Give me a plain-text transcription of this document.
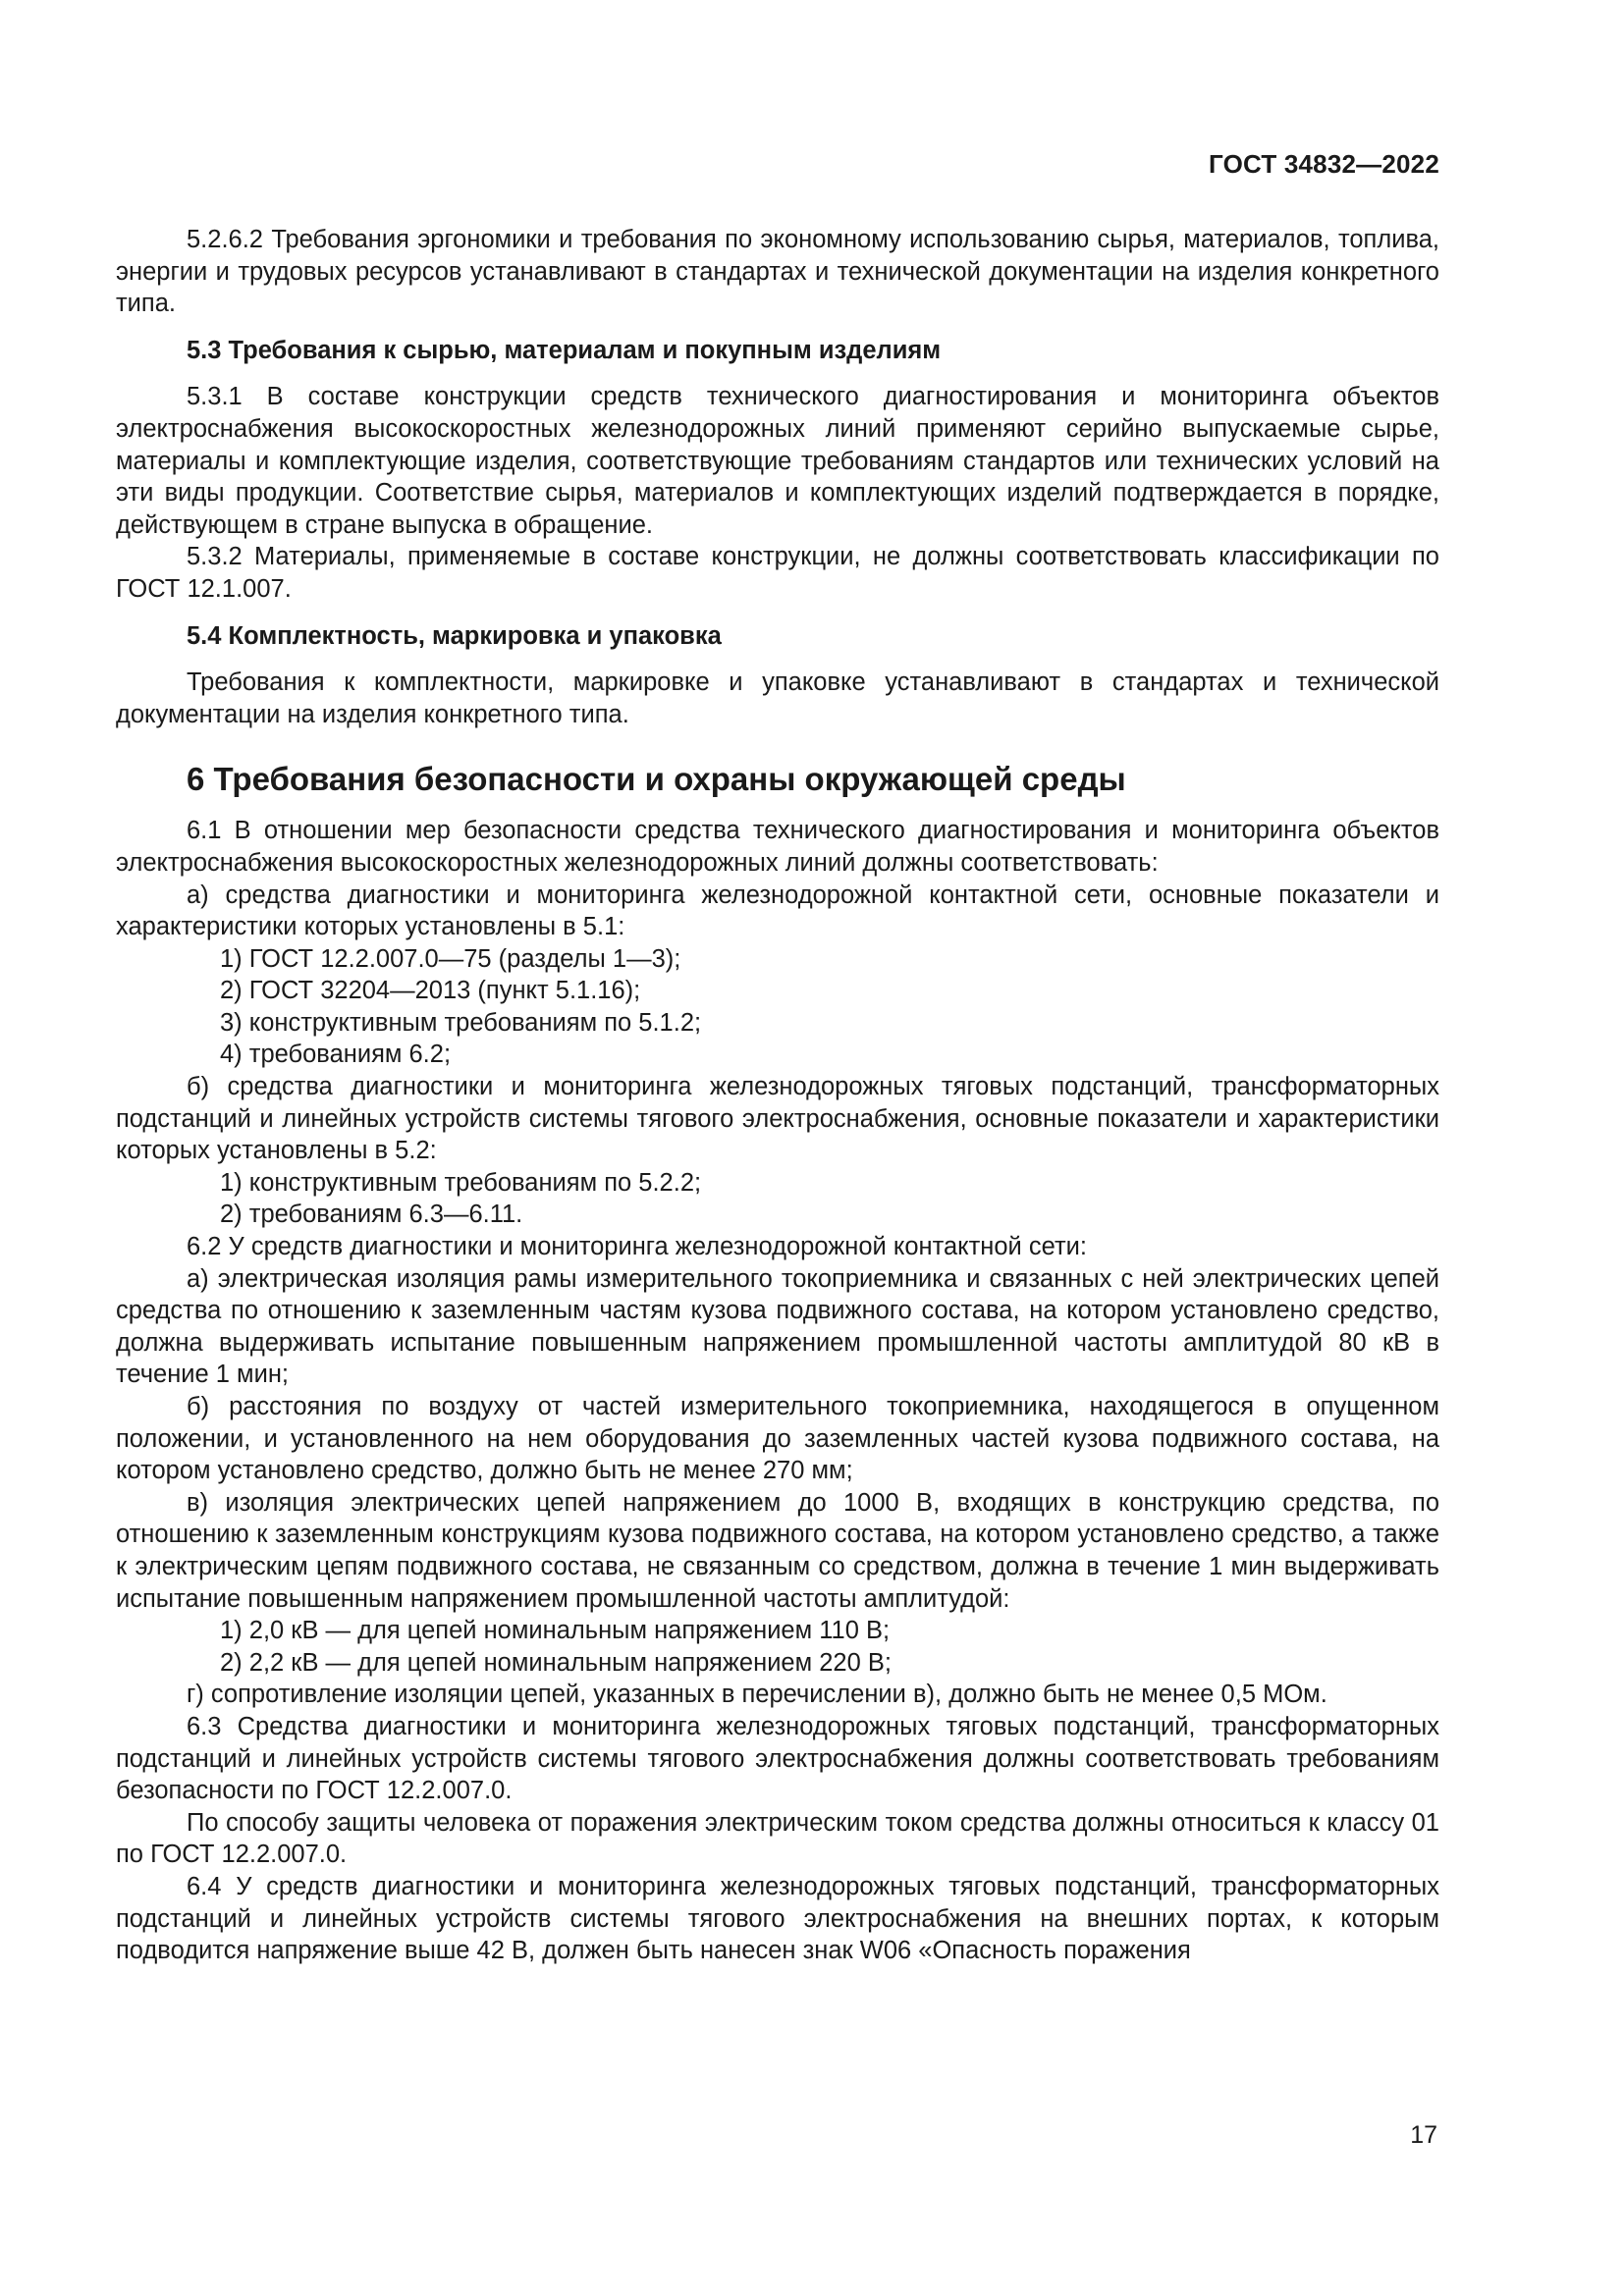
ГОСТ 34832—2022

5.2.6.2 Требования эргономики и требования по экономному использованию сырья, материалов, топлива, энергии и трудовых ресурсов устанавливают в стандартах и технической документации на изделия конкретного типа.

5.3 Требования к сырью, материалам и покупным изделиям

5.3.1 В составе конструкции средств технического диагностирования и мониторинга объектов электроснабжения высокоскоростных железнодорожных линий применяют серийно выпускаемые сырье, материалы и комплектующие изделия, соответствующие требованиям стандартов или технических условий на эти виды продукции. Соответствие сырья, материалов и комплектующих изделий подтверждается в порядке, действующем в стране выпуска в обращение.

5.3.2 Материалы, применяемые в составе конструкции, не должны соответствовать классификации по ГОСТ 12.1.007.

5.4 Комплектность, маркировка и упаковка

Требования к комплектности, маркировке и упаковке устанавливают в стандартах и технической документации на изделия конкретного типа.

6 Требования безопасности и охраны окружающей среды

6.1 В отношении мер безопасности средства технического диагностирования и мониторинга объектов электроснабжения высокоскоростных железнодорожных линий должны соответствовать:

а) средства диагностики и мониторинга железнодорожной контактной сети, основные показатели и характеристики которых установлены в 5.1:

1) ГОСТ 12.2.007.0—75 (разделы 1—3);

2) ГОСТ 32204—2013 (пункт 5.1.16);

3) конструктивным требованиям по 5.1.2;

4) требованиям 6.2;

б) средства диагностики и мониторинга железнодорожных тяговых подстанций, трансформаторных подстанций и линейных устройств системы тягового электроснабжения, основные показатели и характеристики которых установлены в 5.2:

1) конструктивным требованиям по 5.2.2;

2) требованиям 6.3—6.11.

6.2 У средств диагностики и мониторинга железнодорожной контактной сети:

а) электрическая изоляция рамы измерительного токоприемника и связанных с ней электрических цепей средства по отношению к заземленным частям кузова подвижного состава, на котором установлено средство, должна выдерживать испытание повышенным напряжением промышленной частоты амплитудой 80 кВ в течение 1 мин;

б) расстояния по воздуху от частей измерительного токоприемника, находящегося в опущенном положении, и установленного на нем оборудования до заземленных частей кузова подвижного состава, на котором установлено средство, должно быть не менее 270 мм;

в) изоляция электрических цепей напряжением до 1000 В, входящих в конструкцию средства, по отношению к заземленным конструкциям кузова подвижного состава, на котором установлено средство, а также к электрическим цепям подвижного состава, не связанным со средством, должна в течение 1 мин выдерживать испытание повышенным напряжением промышленной частоты амплитудой:

1) 2,0 кВ — для цепей номинальным напряжением 110 В;

2) 2,2 кВ — для цепей номинальным напряжением 220 В;

г) сопротивление изоляции цепей, указанных в перечислении в), должно быть не менее 0,5 МОм.

6.3 Средства диагностики и мониторинга железнодорожных тяговых подстанций, трансформаторных подстанций и линейных устройств системы тягового электроснабжения должны соответствовать требованиям безопасности по ГОСТ 12.2.007.0.

По способу защиты человека от поражения электрическим током средства должны относиться к классу 01 по ГОСТ 12.2.007.0.

6.4 У средств диагностики и мониторинга железнодорожных тяговых подстанций, трансформаторных подстанций и линейных устройств системы тягового электроснабжения на внешних портах, к которым подводится напряжение выше 42 В, должен быть нанесен знак W06 «Опасность поражения

17
